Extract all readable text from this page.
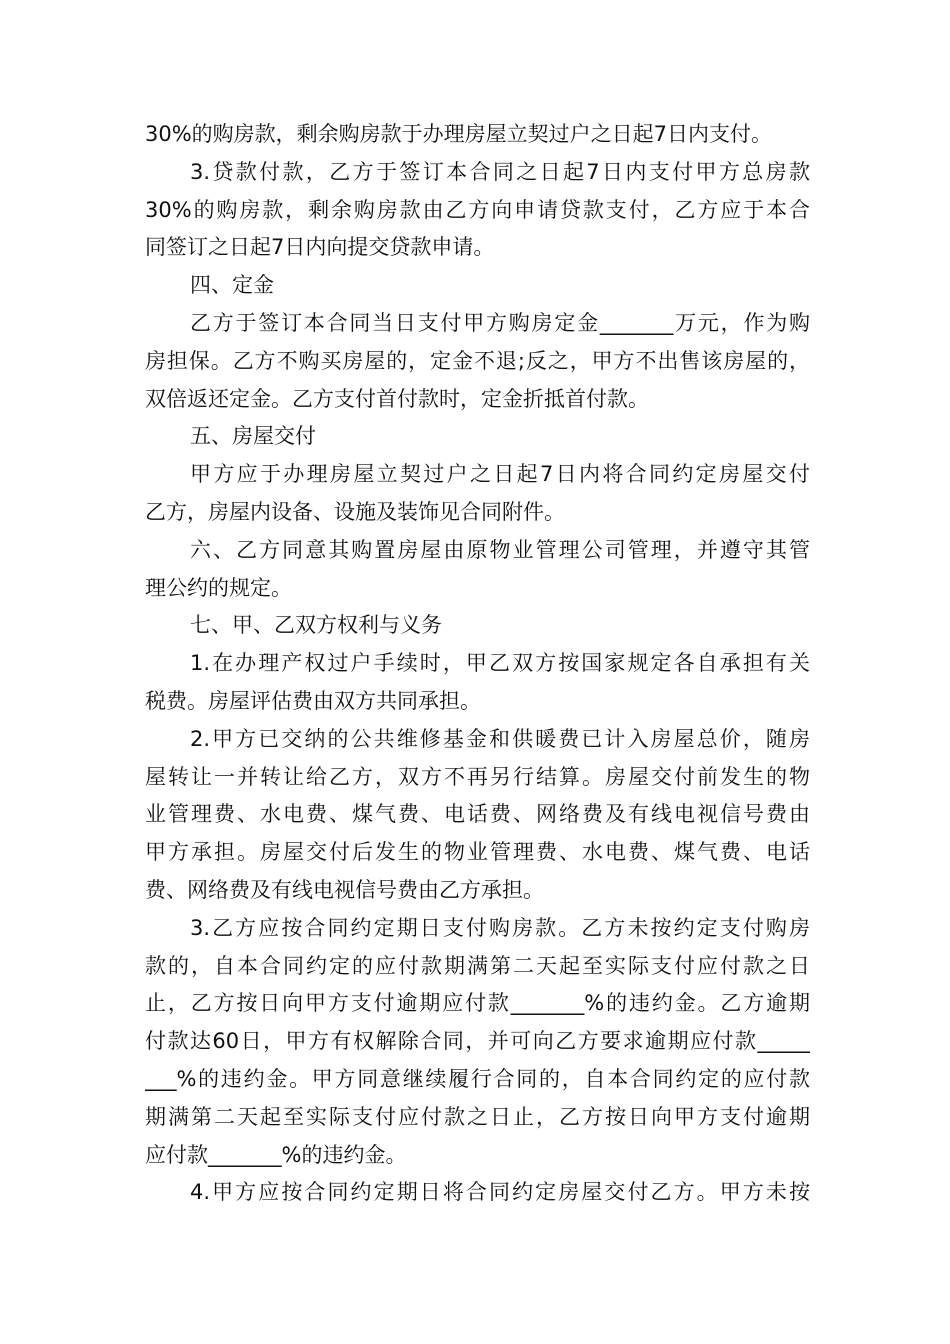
30%的购房款，剩余购房款于办理房屋立契过户之日起7日内支付。
3.贷款付款，乙方于签订本合同之日起7日内支付甲方总房款
30%的购房款，剩余购房款由乙方向申请贷款支付，乙方应于本合
同签订之日起7日内向提交贷款申请。
四、定金
乙方于签订本合同当日支付甲方购房定金_______万元，作为购
房担保。乙方不购买房屋的，定金不退;反之，甲方不出售该房屋的，
双倍返还定金。乙方支付首付款时，定金折抵首付款。
五、房屋交付
甲方应于办理房屋立契过户之日起7日内将合同约定房屋交付
乙方，房屋内设备、设施及装饰见合同附件。
六、乙方同意其购置房屋由原物业管理公司管理，并遵守其管
理公约的规定。
七、甲、乙双方权利与义务
1.在办理产权过户手续时，甲乙双方按国家规定各自承担有关
税费。房屋评估费由双方共同承担。
2.甲方已交纳的公共维修基金和供暖费已计入房屋总价，随房
屋转让一并转让给乙方，双方不再另行结算。房屋交付前发生的物
业管理费、水电费、煤气费、电话费、网络费及有线电视信号费由
甲方承担。房屋交付后发生的物业管理费、水电费、煤气费、电话
费、网络费及有线电视信号费由乙方承担。
3.乙方应按合同约定期日支付购房款。乙方未按约定支付购房
款的，自本合同约定的应付款期满第二天起至实际支付应付款之日
止，乙方按日向甲方支付逾期应付款_______%的违约金。乙方逾期
付款达60日，甲方有权解除合同，并可向乙方要求逾期应付款_____
___%的违约金。甲方同意继续履行合同的，自本合同约定的应付款
期满第二天起至实际支付应付款之日止，乙方按日向甲方支付逾期
应付款_______%的违约金。
4.甲方应按合同约定期日将合同约定房屋交付乙方。甲方未按
